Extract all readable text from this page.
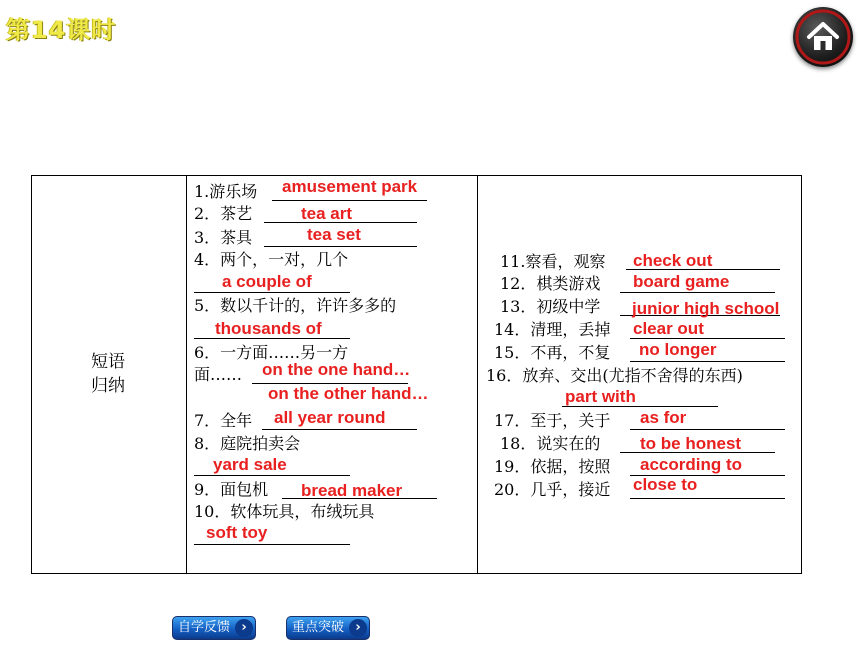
第14课时
短语
归纳
1.游乐场 amusement park
2．茶艺	tea art
3．茶具	tea set
4．两个，一对，几个
a couple of
5．数以千计的，许许多多的
thousands of
6．一方面……另一方
面…… on the one hand…
on the other hand…
7．全年 all year round
8．庭院拍卖会
yard sale
9．面包机 bread maker
10．软体玩具，布绒玩具
soft toy
11.察看，观察 check out
12．棋类游戏 board game
13．初级中学 junior high school
14．清理，丢掉 clear out
15．不再，不复 no longer
16．放弃、交出(尤指不舍得的东西)
part with
17．至于，关于 as for
18．说实在的 to be honest
19．依据，按照 according to
20．几乎，接近 close to
自学反馈 ›	重点突破 ›
